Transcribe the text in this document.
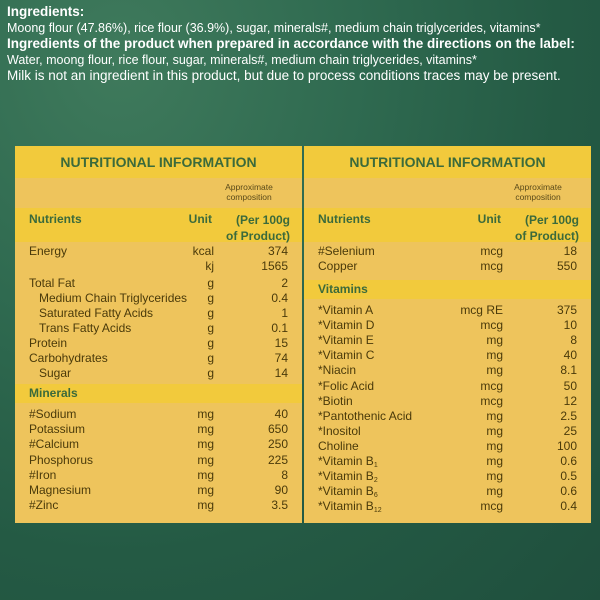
Ingredients:

Moong flour (47.86%), rice flour (36.9%), sugar, minerals#, medium chain triglycerides, vitamins*

Ingredients of the product when prepared in accordance with the directions on the label:

Water, moong flour, rice flour, sugar, minerals#, medium chain triglycerides, vitamins*

Milk is not an ingredient in this product, but due to process conditions traces may be present.

NUTRITIONAL INFORMATION
Approximate composition
Nutrients	Unit	(Per 100g
of Product)
Energy	kcal	374
kj	1565
Total Fat	g	2
Medium Chain Triglycerides g	0.4
Saturated Fatty Acids	g	1
Trans Fatty Acids	g	0.1
Protein	g	15
Carbohydrates	g	74
Sugar	g	14
Minerals
#Sodium	mg	40
Potassium	mg	650
#Calcium	mg	250
Phosphorus	mg	225
#Iron	mg	8
Magnesium	mg	90
#Zinc	mg	3.5
NUTRITIONAL INFORMATION
Approximate composition
Nutrients	Unit	(Per 100g
of Product)
#Selenium	mcg	18
Copper	mcg	550
Vitamins
*Vitamin A	mcg RE	375
*Vitamin D	mcg	10
*Vitamin E	mg	8
*Vitamin C	mg	40
*Niacin	mg	8.1
*Folic Acid	mcg	50
*Biotin	mcg	12
*Pantothenic Acid	mg	2.5
*Inositol	mg	25
Choline	mg	100
*Vitamin $B_1$	mg	0.6
*Vitamin $B_2$	mg	0.5
*Vitamin $B_6$	mg	0.6
*Vitamin $B_{12}$	mcg	0.4
